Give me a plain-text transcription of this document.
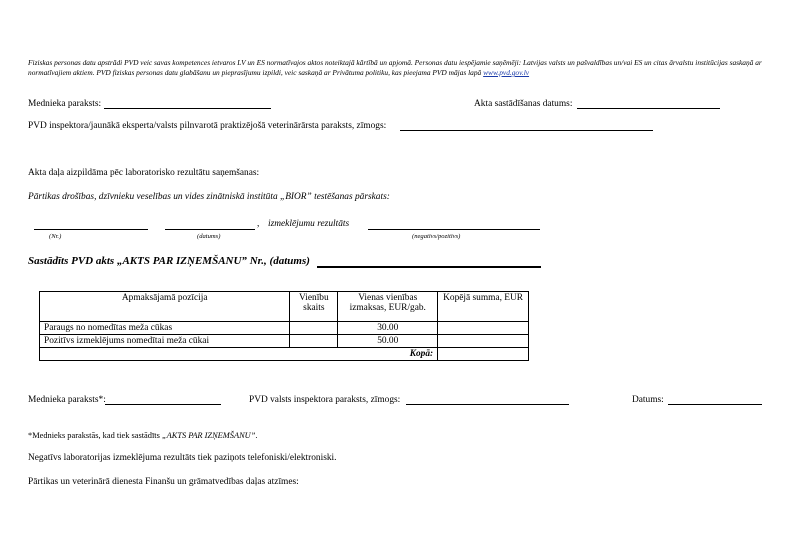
Fiziskas personas datu apstrādi PVD veic savas kompetences ietvaros LV un ES normatīvajos aktos noteiktajā kārtībā un apjomā. Personas datu iespējamie saņēmēji: Latvijas valsts un pašvaldības un/vai ES un citas ārvalstu institūcijas saskaņā ar normatīvajiem aktiem. PVD fiziskas personas datu glabāšanu un pieprasījumu izpildi, veic saskaņā ar Privātuma politiku, kas pieejama PVD mājas lapā www.pvd.gov.lv
Mednieka paraksts:	Akta sastādīšanas datums:
PVD inspektora/jaunākā eksperta/valsts pilnvarotā praktizējošā veterinārārsta paraksts, zīmogs:
Akta daļa aizpildāma pēc laboratorisko rezultātu saņemšanas:
Pārtikas drošības, dzīvnieku veselības un vides zinātniskā institūta „BIOR” testēšanas pārskats:
, izmeklējumu rezultāts
(Nr.)	(datums)	(negatīvs/pozitīvs)
Sastādīts PVD akts „AKTS PAR IZŅEMŠANU” Nr., (datums)
Apmaksājamā pozīcija	Vienību skaits	Vienas vienības izmaksas, EUR/gab.	Kopējā summa, EUR
Paraugs no nomedītas meža cūkas		30.00	
Pozitīvs izmeklējums nomedītai meža cūkai		50.00	
Kopā:			
Mednieka paraksts*:	PVD valsts inspektora paraksts, zīmogs:	Datums:
*Mednieks parakstās, kad tiek sastādīts „AKTS PAR IZŅEMŠANU”.
Negatīvs laboratorijas izmeklējuma rezultāts tiek paziņots telefoniski/elektroniski.
Pārtikas un veterinārā dienesta Finanšu un grāmatvedības daļas atzīmes:
